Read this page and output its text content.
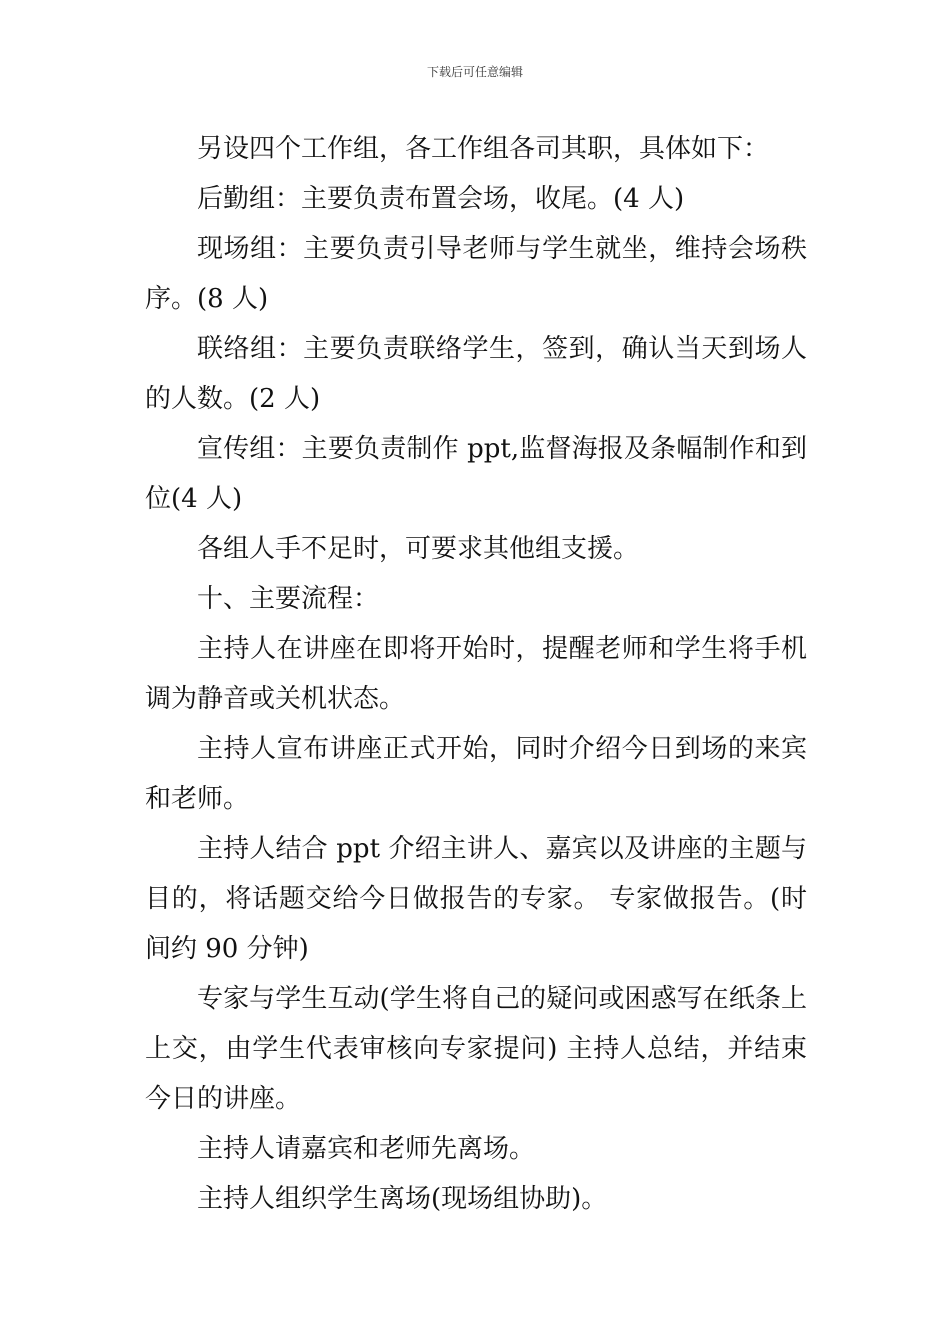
下载后可任意编辑

另设四个工作组，各工作组各司其职，具体如下：

后勤组：主要负责布置会场，收尾。(4 人)

现场组：主要负责引导老师与学生就坐，维持会场秩序。(8 人)

联络组：主要负责联络学生，签到，确认当天到场人的人数。(2 人)

宣传组：主要负责制作 ppt,监督海报及条幅制作和到位(4 人)

各组人手不足时，可要求其他组支援。

十、主要流程：

主持人在讲座在即将开始时，提醒老师和学生将手机调为静音或关机状态。

主持人宣布讲座正式开始，同时介绍今日到场的来宾和老师。

主持人结合 ppt 介绍主讲人、嘉宾以及讲座的主题与目的，将话题交给今日做报告的专家。 专家做报告。(时间约 90 分钟)

专家与学生互动(学生将自己的疑问或困惑写在纸条上上交，由学生代表审核向专家提问) 主持人总结，并结束今日的讲座。

主持人请嘉宾和老师先离场。

主持人组织学生离场(现场组协助)。
